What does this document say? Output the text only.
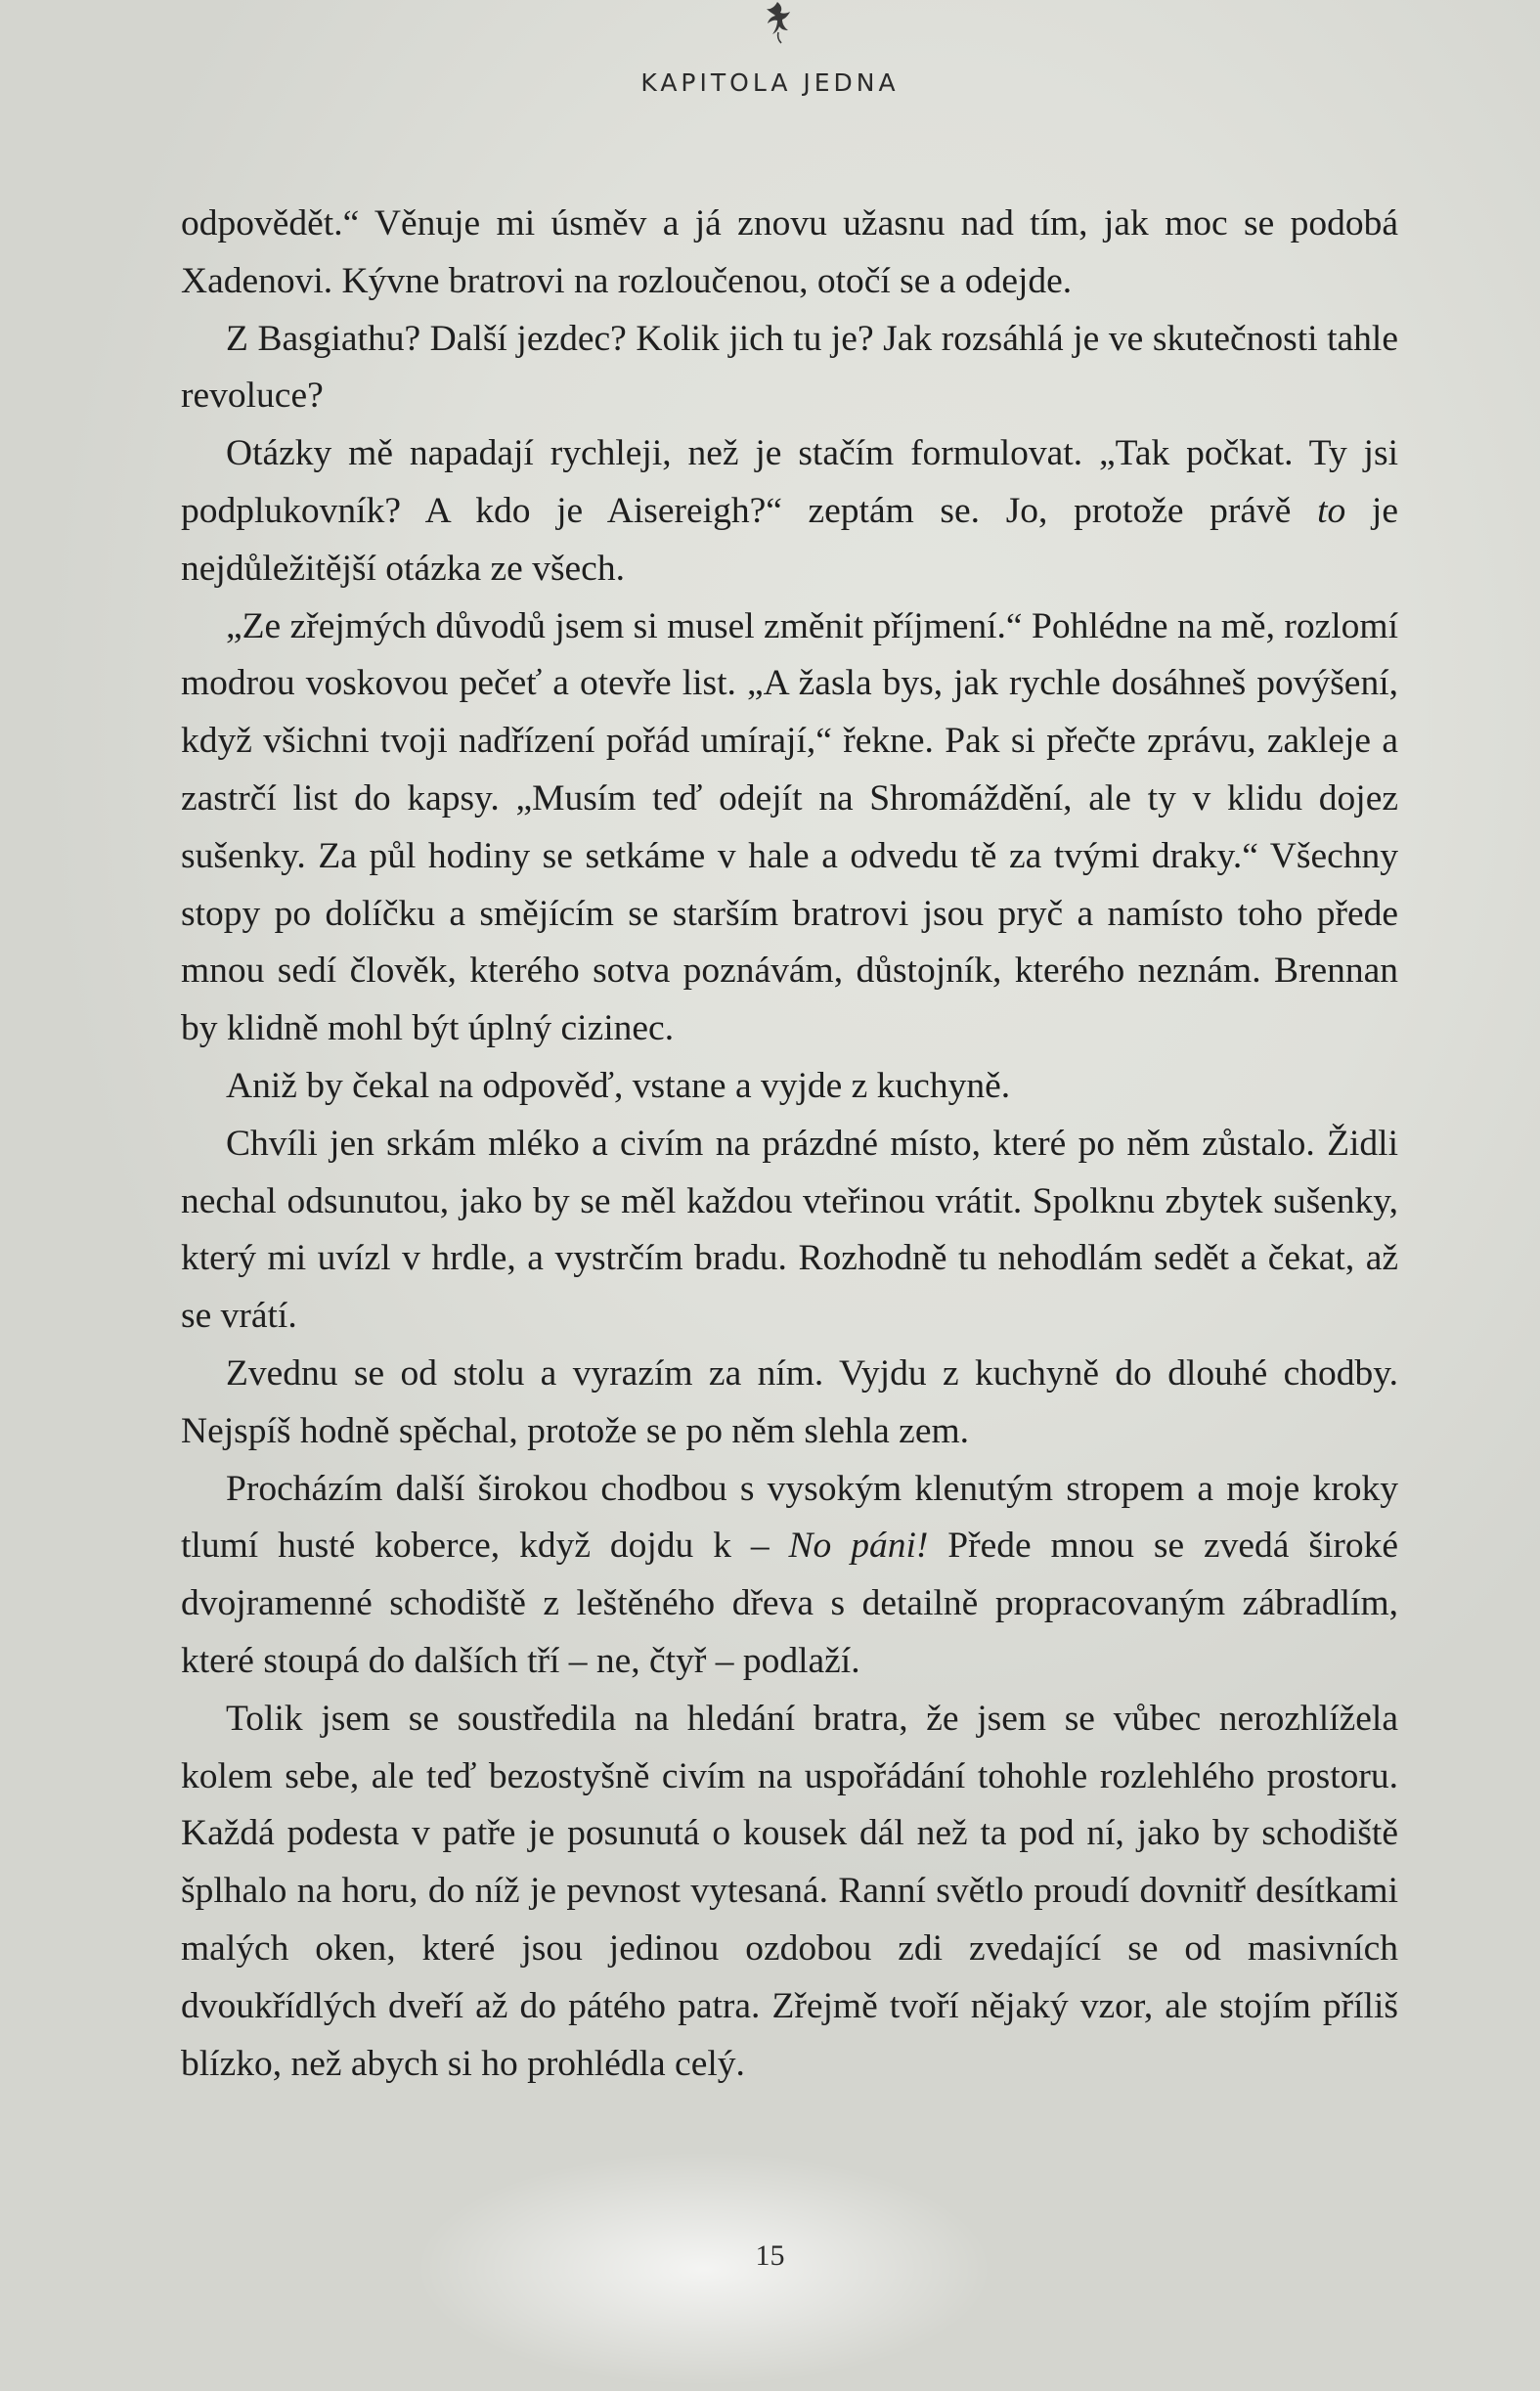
KAPITOLA JEDNA

odpovědět.“ Věnuje mi úsměv a já znovu užasnu nad tím, jak moc se podobá Xadenovi. Kývne bratrovi na rozloučenou, otočí se a odejde.

Z Basgiathu? Další jezdec? Kolik jich tu je? Jak rozsáhlá je ve skutečnosti tahle revoluce?

Otázky mě napadají rychleji, než je stačím formulovat. „Tak počkat. Ty jsi podplukovník? A kdo je Aisereigh?“ zeptám se. Jo, protože právě to je nejdůležitější otázka ze všech.

„Ze zřejmých důvodů jsem si musel změnit příjmení.“ Pohlédne na mě, rozlomí modrou voskovou pečeť a otevře list. „A žasla bys, jak rychle dosáhneš povýšení, když všichni tvoji nadřízení pořád umírají,“ řekne. Pak si přečte zprávu, zakleje a zastrčí list do kapsy. „Musím teď odejít na Shromáždění, ale ty v klidu dojez sušenky. Za půl hodiny se setkáme v hale a odvedu tě za tvými draky.“ Všechny stopy po dolíčku a smějícím se starším bratrovi jsou pryč a namísto toho přede mnou sedí člověk, kterého sotva poznávám, důstojník, kterého neznám. Brennan by klidně mohl být úplný cizinec.

Aniž by čekal na odpověď, vstane a vyjde z kuchyně.

Chvíli jen srkám mléko a civím na prázdné místo, které po něm zůstalo. Židli nechal odsunutou, jako by se měl každou vteřinou vrátit. Spolknu zbytek sušenky, který mi uvízl v hrdle, a vystrčím bradu. Rozhodně tu nehodlám sedět a čekat, až se vrátí.

Zvednu se od stolu a vyrazím za ním. Vyjdu z kuchyně do dlouhé chodby. Nejspíš hodně spěchal, protože se po něm slehla zem.

Procházím další širokou chodbou s vysokým klenutým stropem a moje kroky tlumí husté koberce, když dojdu k – No páni! Přede mnou se zvedá široké dvojramenné schodiště z leštěného dřeva s detailně propracovaným zábradlím, které stoupá do dalších tří – ne, čtyř – podlaží.

Tolik jsem se soustředila na hledání bratra, že jsem se vůbec nerozhlížela kolem sebe, ale teď bezostyšně civím na uspořádání tohohle rozlehlého prostoru. Každá podesta v patře je posunutá o kousek dál než ta pod ní, jako by schodiště šplhalo na horu, do níž je pevnost vytesaná. Ranní světlo proudí dovnitř desítkami malých oken, které jsou jedinou ozdobou zdi zvedající se od masivních dvoukřídlých dveří až do pátého patra. Zřejmě tvoří nějaký vzor, ale stojím příliš blízko, než abych si ho prohlédla celý.

15
